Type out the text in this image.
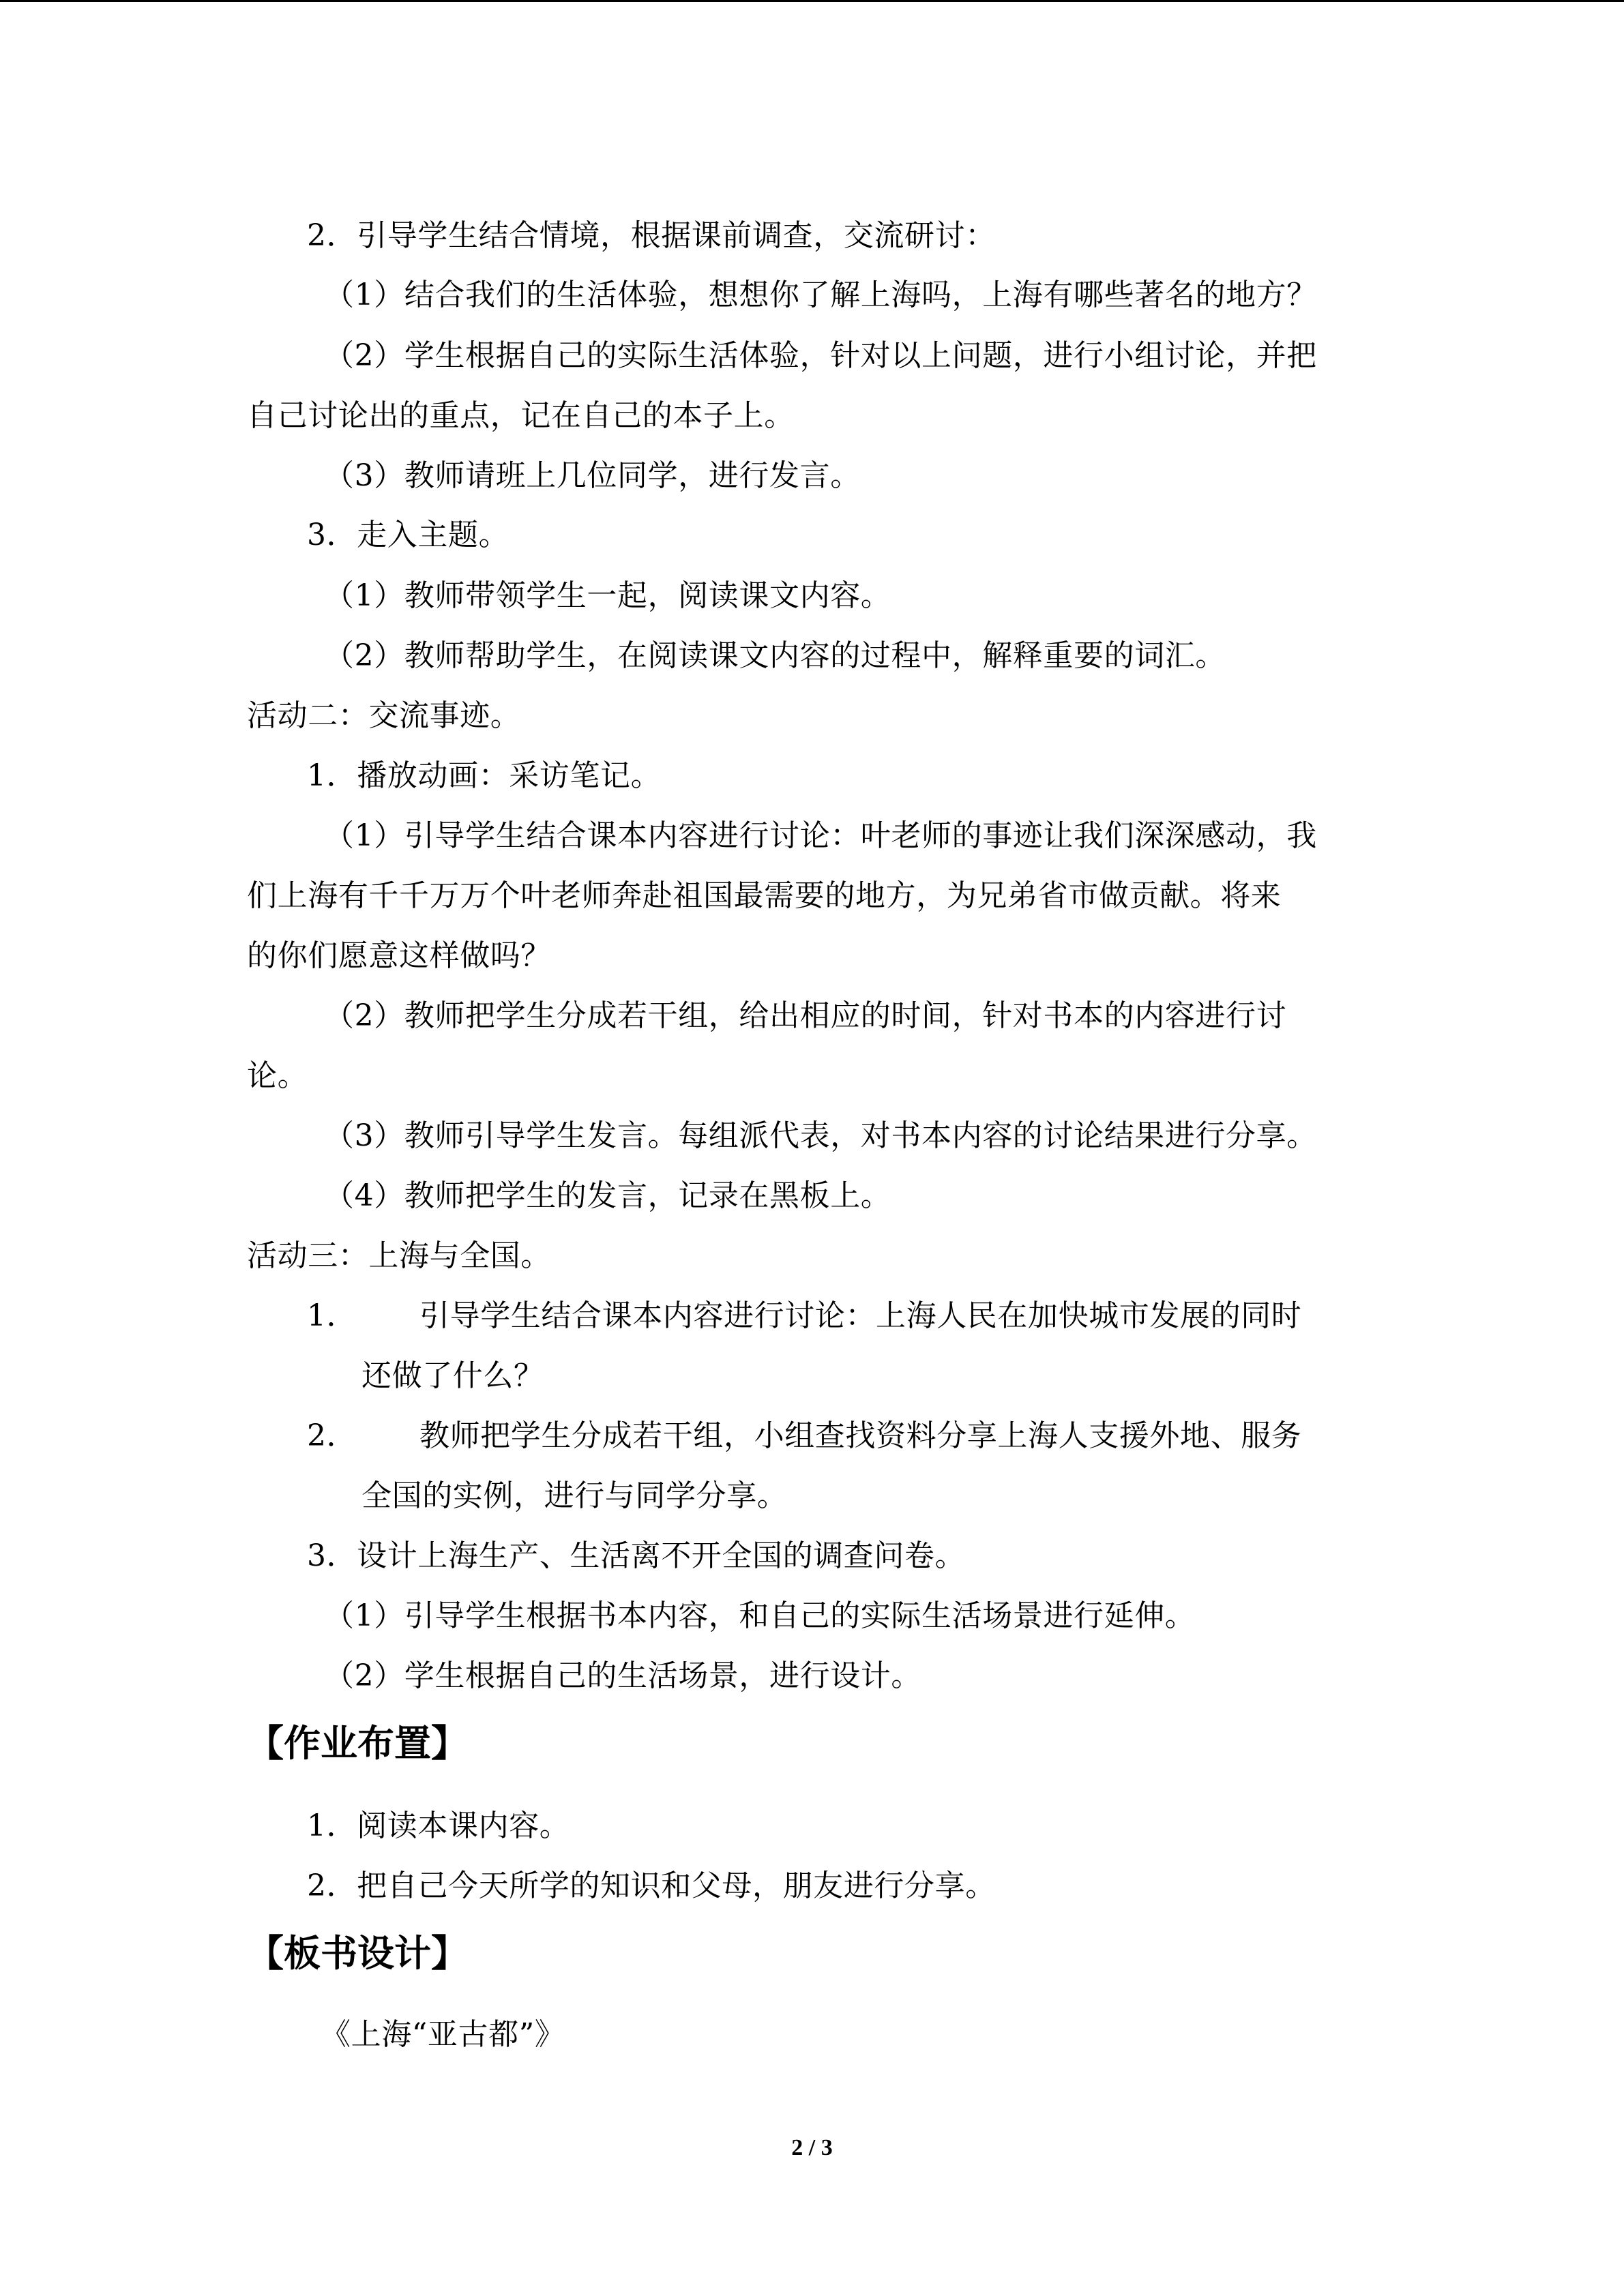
2．引导学生结合情境，根据课前调查，交流研讨：
（1）结合我们的生活体验，想想你了解上海吗，上海有哪些著名的地方？
（2）学生根据自己的实际生活体验，针对以上问题，进行小组讨论，并把
自己讨论出的重点，记在自己的本子上。
（3）教师请班上几位同学，进行发言。
3．走入主题。
（1）教师带领学生一起，阅读课文内容。
（2）教师帮助学生，在阅读课文内容的过程中，解释重要的词汇。
活动二：交流事迹。
1．播放动画：采访笔记。
（1）引导学生结合课本内容进行讨论：叶老师的事迹让我们深深感动，我
们上海有千千万万个叶老师奔赴祖国最需要的地方，为兄弟省市做贡献。将来
的你们愿意这样做吗？
（2）教师把学生分成若干组，给出相应的时间，针对书本的内容进行讨
论。
（3）教师引导学生发言。每组派代表，对书本内容的讨论结果进行分享。
（4）教师把学生的发言，记录在黑板上。
活动三：上海与全国。
1． 引导学生结合课本内容进行讨论：上海人民在加快城市发展的同时
还做了什么？
2． 教师把学生分成若干组，小组查找资料分享上海人支援外地、服务
全国的实例，进行与同学分享。
3．设计上海生产、生活离不开全国的调查问卷。
（1）引导学生根据书本内容，和自己的实际生活场景进行延伸。
（2）学生根据自己的生活场景，进行设计。
【作业布置】
1．阅读本课内容。
2．把自己今天所学的知识和父母，朋友进行分享。
【板书设计】
《上海“亚古都”》
2 / 3
